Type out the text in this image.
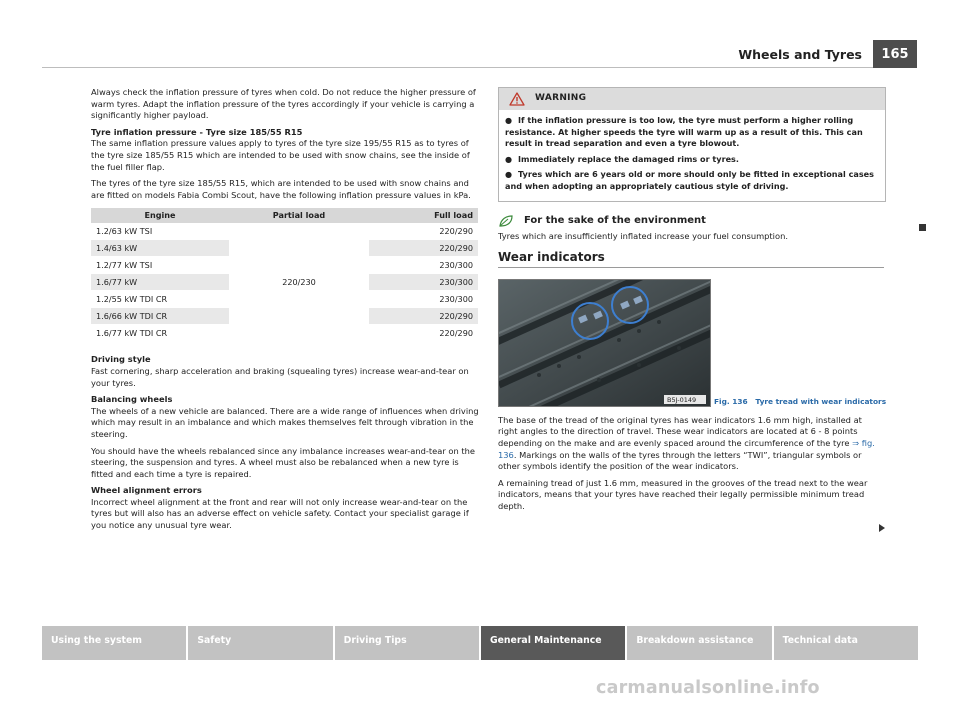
Wheels and Tyres	165

Always check the inflation pressure of tyres when cold. Do not reduce the higher pressure of warm tyres. Adapt the inflation pressure of the tyres accordingly if your vehicle is carrying a significantly higher payload.

Tyre inflation pressure - Tyre size 185/55 R15

The same inflation pressure values apply to tyres of the tyre size 195/55 R15 as to tyres of the tyre size 185/55 R15 which are intended to be used with snow chains, see the inside of the fuel filler flap.

The tyres of the tyre size 185/55 R15, which are intended to be used with snow chains and are fitted on models Fabia Combi Scout, have the following inflation pressure values in kPa.

Engine	Partial load	Full load
1.2/63 kW TSI	220/230	220/290
1.4/63 kW		220/290
1.2/77 kW TSI		230/300
1.6/77 kW		230/300
1.2/55 kW TDI CR		230/300
1.6/66 kW TDI CR		220/290
1.6/77 kW TDI CR		220/290

Driving style

Fast cornering, sharp acceleration and braking (squealing tyres) increase wear-and-tear on your tyres.

Balancing wheels

The wheels of a new vehicle are balanced. There are a wide range of influences when driving which may result in an imbalance and which makes themselves felt through vibration in the steering.

You should have the wheels rebalanced since any imbalance increases wear-and-tear on the steering, the suspension and tyres. A wheel must also be rebalanced when a new tyre is fitted and each time a tyre is repaired.

Wheel alignment errors

Incorrect wheel alignment at the front and rear will not only increase wear-and-tear on the tyres but will also has an adverse effect on vehicle safety. Contact your specialist garage if you notice any unusual tyre wear.

WARNING

● If the inflation pressure is too low, the tyre must perform a higher rolling resistance. At higher speeds the tyre will warm up as a result of this. This can result in tread separation and even a tyre blowout.

● Immediately replace the damaged rims or tyres.

● Tyres which are 6 years old or more should only be fitted in exceptional cases and when adopting an appropriately cautious style of driving.

For the sake of the environment

Tyres which are insufficiently inflated increase your fuel consumption.

Wear indicators
B5J-0149 Fig. 136 Tyre tread with wear indicators

The base of the tread of the original tyres has wear indicators 1.6 mm high, installed at right angles to the direction of travel. These wear indicators are located at 6 - 8 points depending on the make and are evenly spaced around the circumference of the tyre ⇒ fig. 136. Markings on the walls of the tyres through the letters “TWI”, triangular symbols or other symbols identify the position of the wear indicators.

A remaining tread of just 1.6 mm, measured in the grooves of the tread next to the wear indicators, means that your tyres have reached their legally permissible minimum tread depth.

Using the system	Safety	Driving Tips	General Maintenance	Breakdown assistance	Technical data
carmanualsonline.info
